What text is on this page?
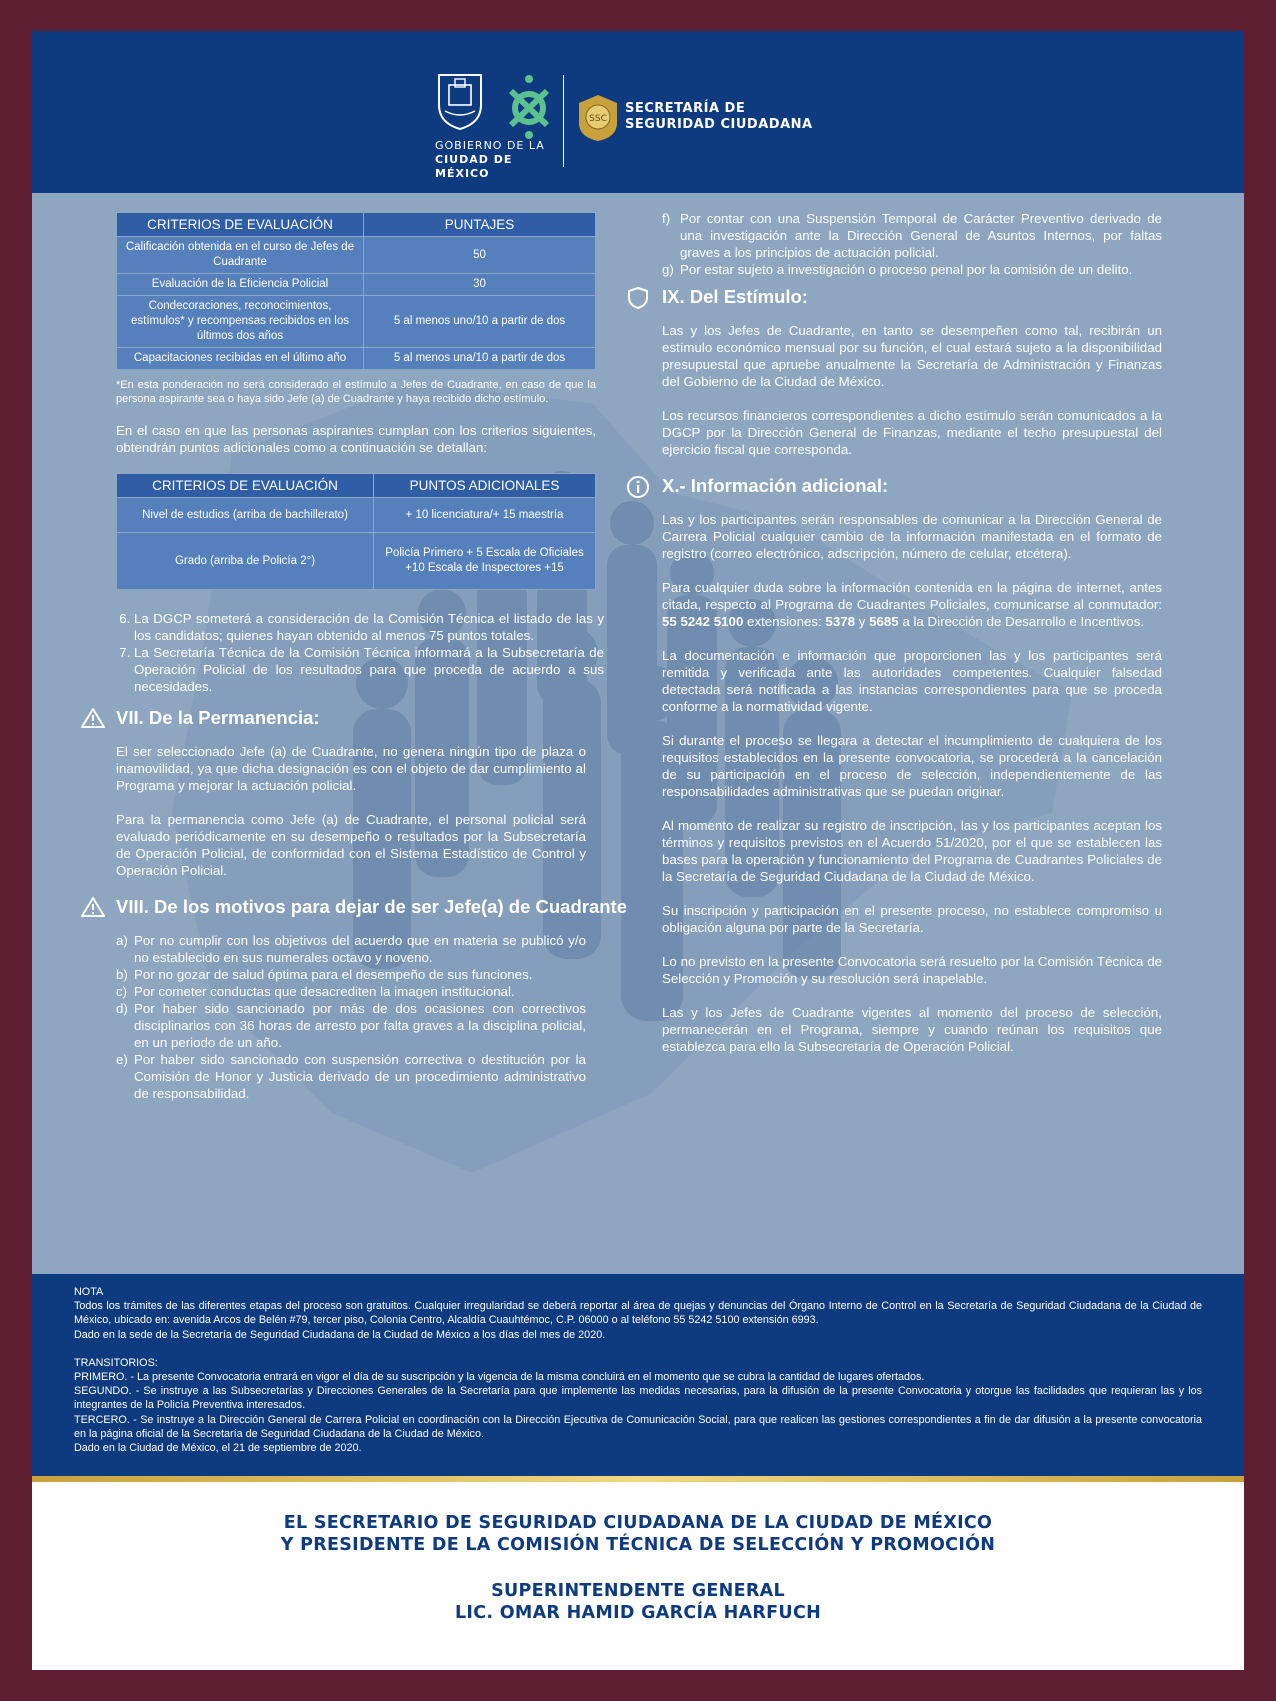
GOBIERNO DE LA
CIUDAD DE MÉXICO
SSC
SECRETARÍA DE
SEGURIDAD CIUDADANA
CRITERIOS DE EVALUACIÓN	PUNTAJES
Calificación obtenida en el curso de Jefes de Cuadrante	50
Evaluación de la Eficiencia Policial	30
Condecoraciones, reconocimientos, estímulos* y recompensas recibidos en los últimos dos años	5 al menos uno/10 a partir de dos
Capacitaciones recibidas en el último año	5 al menos una/10 a partir de dos
*En esta ponderación no será considerado el estímulo a Jefes de Cuadrante, en caso de que la persona aspirante sea o haya sido Jefe (a) de Cuadrante y haya recibido dicho estímulo.

En el caso en que las personas aspirantes cumplan con los criterios siguientes, obtendrán puntos adicionales como a continuación se detallan:

CRITERIOS DE EVALUACIÓN	PUNTOS ADICIONALES
Nivel de estudios (arriba de bachillerato)	+ 10 licenciatura/+ 15 maestría
Grado (arriba de Policía 2°)	Policía Primero + 5 Escala de Oficiales +10 Escala de Inspectores +15
6. La DGCP someterá a consideración de la Comisión Técnica el listado de las y los candidatos; quienes hayan obtenido al menos 75 puntos totales.
7. La Secretaría Técnica de la Comisión Técnica informará a la Subsecretaría de Operación Policial de los resultados para que proceda de acuerdo a sus necesidades.
VII. De la Permanencia:

El ser seleccionado Jefe (a) de Cuadrante, no genera ningún tipo de plaza o inamovilidad, ya que dicha designación es con el objeto de dar cumplimiento al Programa y mejorar la actuación policial.

Para la permanencia como Jefe (a) de Cuadrante, el personal policial será evaluado periódicamente en su desempeño o resultados por la Subsecretaría de Operación Policial, de conformidad con el Sistema Estadístico de Control y Operación Policial.

VIII. De los motivos para dejar de ser Jefe(a) de Cuadrante
a) Por no cumplir con los objetivos del acuerdo que en materia se publicó y/o no establecido en sus numerales octavo y noveno.
b) Por no gozar de salud óptima para el desempeño de sus funciones.
c) Por cometer conductas que desacrediten la imagen institucional.
d) Por haber sido sancionado por más de dos ocasiones con correctivos disciplinarios con 36 horas de arresto por falta graves a la disciplina policial, en un periodo de un año.
e) Por haber sido sancionado con suspensión correctiva o destitución por la Comisión de Honor y Justicia derivado de un procedimiento administrativo de responsabilidad.
f) Por contar con una Suspensión Temporal de Carácter Preventivo derivado de una investigación ante la Dirección General de Asuntos Internos, por faltas graves a los principios de actuación policial.
g) Por estar sujeto a investigación o proceso penal por la comisión de un delito.
IX. Del Estímulo:

Las y los Jefes de Cuadrante, en tanto se desempeñen como tal, recibirán un estímulo económico mensual por su función, el cual estará sujeto a la disponibilidad presupuestal que apruebe anualmente la Secretaría de Administración y Finanzas del Gobierno de la Ciudad de México.

Los recursos financieros correspondientes a dicho estímulo serán comunicados a la DGCP por la Dirección General de Finanzas, mediante el techo presupuestal del ejercicio fiscal que corresponda.

X.- Información adicional:

Las y los participantes serán responsables de comunicar a la Dirección General de Carrera Policial cualquier cambio de la información manifestada en el formato de registro (correo electrónico, adscripción, número de celular, etcétera).

Para cualquier duda sobre la información contenida en la página de internet, antes citada, respecto al Programa de Cuadrantes Policiales, comunicarse al conmutador: 55 5242 5100 extensiones: 5378 y 5685 a la Dirección de Desarrollo e Incentivos.

La documentación e información que proporcionen las y los participantes será remitida y verificada ante las autoridades competentes. Cualquier falsedad detectada será notificada a las instancias correspondientes para que se proceda conforme a la normatividad vigente.

Si durante el proceso se llegara a detectar el incumplimiento de cualquiera de los requisitos establecidos en la presente convocatoria, se procederá a la cancelación de su participación en el proceso de selección, independientemente de las responsabilidades administrativas que se puedan originar.

Al momento de realizar su registro de inscripción, las y los participantes aceptan los términos y requisitos previstos en el Acuerdo 51/2020, por el que se establecen las bases para la operación y funcionamiento del Programa de Cuadrantes Policiales de la Secretaría de Seguridad Ciudadana de la Ciudad de México.

Su inscripción y participación en el presente proceso, no establece compromiso u obligación alguna por parte de la Secretaría.

Lo no previsto en la presente Convocatoria será resuelto por la Comisión Técnica de Selección y Promoción y su resolución será inapelable.

Las y los Jefes de Cuadrante vigentes al momento del proceso de selección, permanecerán en el Programa, siempre y cuando reúnan los requisitos que establezca para ello la Subsecretaría de Operación Policial.

NOTA
Todos los trámites de las diferentes etapas del proceso son gratuitos. Cualquier irregularidad se deberá reportar al área de quejas y denuncias del Órgano Interno de Control en la Secretaría de Seguridad Ciudadana de la Ciudad de México, ubicado en: avenida Arcos de Belén #79, tercer piso, Colonia Centro, Alcaldía Cuauhtémoc, C.P. 06000 o al teléfono 55 5242 5100 extensión 6993.
Dado en la sede de la Secretaría de Seguridad Ciudadana de la Ciudad de México a los días del mes de 2020.
TRANSITORIOS:
PRIMERO. - La presente Convocatoria entrará en vigor el día de su suscripción y la vigencia de la misma concluirá en el momento que se cubra la cantidad de lugares ofertados.
SEGUNDO. - Se instruye a las Subsecretarías y Direcciones Generales de la Secretaría para que implemente las medidas necesarias, para la difusión de la presente Convocatoria y otorgue las facilidades que requieran las y los integrantes de la Policía Preventiva interesados.
TERCERO. - Se instruye a la Dirección General de Carrera Policial en coordinación con la Dirección Ejecutiva de Comunicación Social, para que realicen las gestiones correspondientes a fin de dar difusión a la presente convocatoria en la página oficial de la Secretaría de Seguridad Ciudadana de la Ciudad de México.
Dado en la Ciudad de México, el 21 de septiembre de 2020.
EL SECRETARIO DE SEGURIDAD CIUDADANA DE LA CIUDAD DE MÉXICO
Y PRESIDENTE DE LA COMISIÓN TÉCNICA DE SELECCIÓN Y PROMOCIÓN
SUPERINTENDENTE GENERAL
LIC. OMAR HAMID GARCÍA HARFUCH
